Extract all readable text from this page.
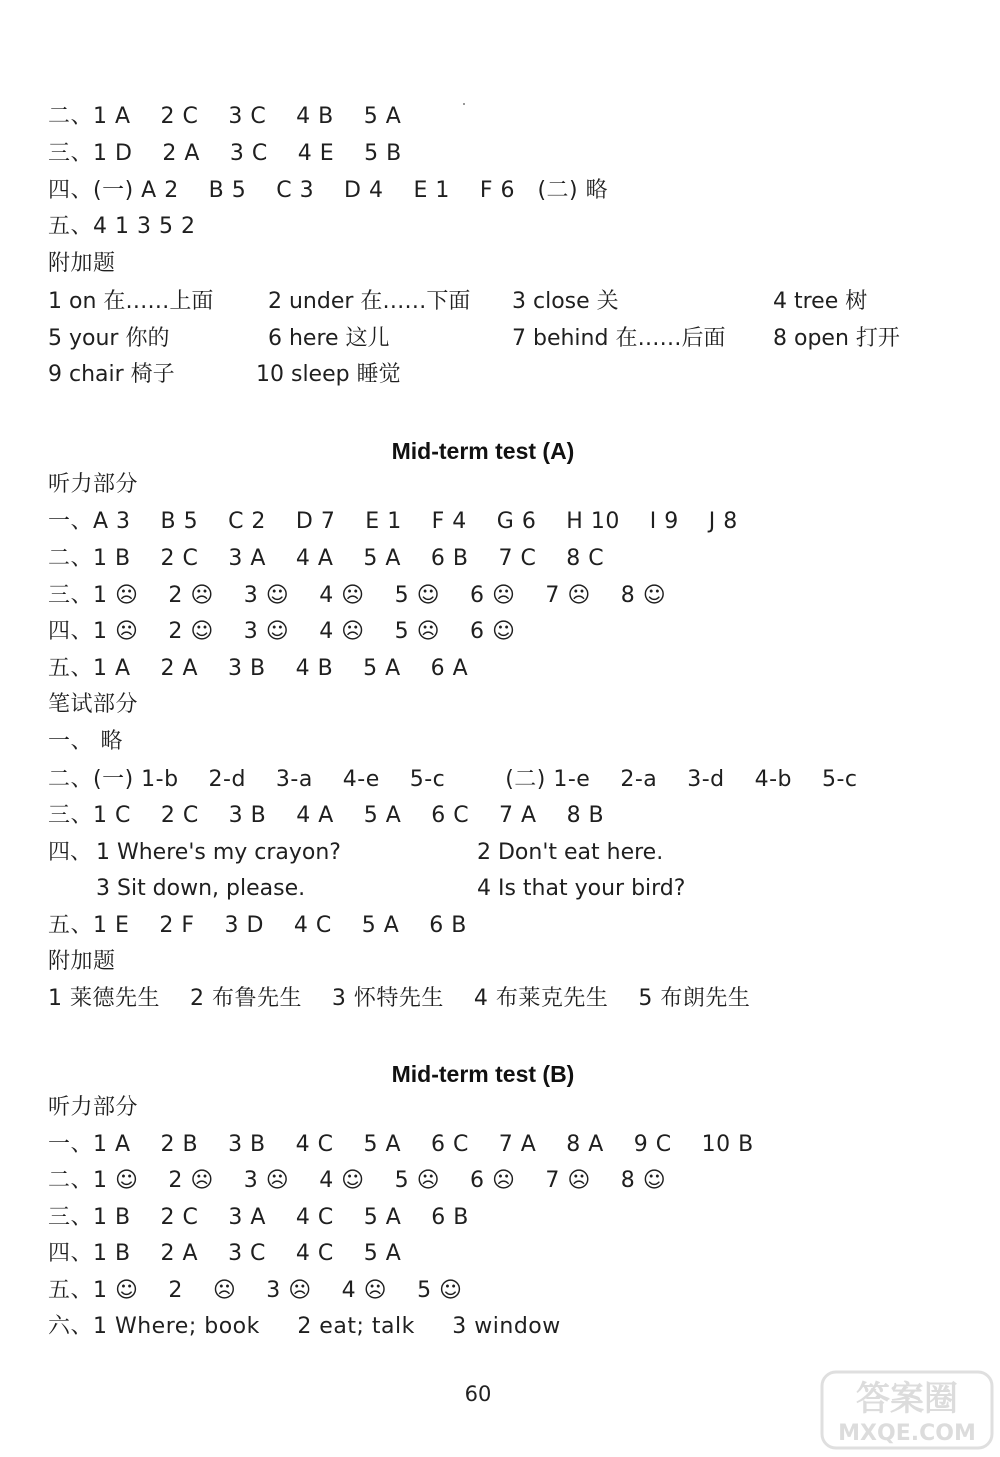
二、1 A    2 C    3 C    4 B    5 A
三、1 D    2 A    3 C    4 E    5 B
四、(一) A 2    B 5    C 3    D 4    E 1    F 6   (二) 略
五、4 1 3 5 2
附加题
1 on 在……上面 2 under 在……下面 3 close 关	4 tree 树
5 your 你的	6 here 这儿	7 behind 在……后面 8 open 打开
9 chair 椅子	10 sleep 睡觉
Mid-term test (A)
听力部分
一、A 3    B 5    C 2    D 7    E 1    F 4    G 6    H 10    I 9    J 8
二、1 B    2 C    3 A    4 A    5 A    6 B    7 C    8 C
三、1 ☹    2 ☹    3 ☺    4 ☹    5 ☺    6 ☹    7 ☹    8 ☺
四、1 ☹    2 ☺    3 ☺    4 ☹    5 ☹    6 ☺
五、1 A    2 A    3 B    4 B    5 A    6 A
笔试部分
一、 略
二、(一) 1-b    2-d    3-a    4-e    5-c        (二) 1-e    2-a    3-d    4-b    5-c
三、1 C    2 C    3 B    4 A    5 A    6 C    7 A    8 B
四、 1 Where's my crayon?	2 Don't eat here.
3 Sit down, please.	4 Is that your bird?
五、1 E    2 F    3 D    4 C    5 A    6 B
附加题
1 莱德先生    2 布鲁先生    3 怀特先生    4 布莱克先生    5 布朗先生
Mid-term test (B)
听力部分
一、1 A    2 B    3 B    4 C    5 A    6 C    7 A    8 A    9 C    10 B
二、1 ☺    2 ☹    3 ☹    4 ☺    5 ☹    6 ☹    7 ☹    8 ☺
三、1 B    2 C    3 A    4 C    5 A    6 B
四、1 B    2 A    3 C    4 C    5 A
五、1 ☺    2    ☹    3 ☹    4 ☹    5 ☺
六、1 Where; book     2 eat; talk     3 window
60	答案圈
MXQE.COM
